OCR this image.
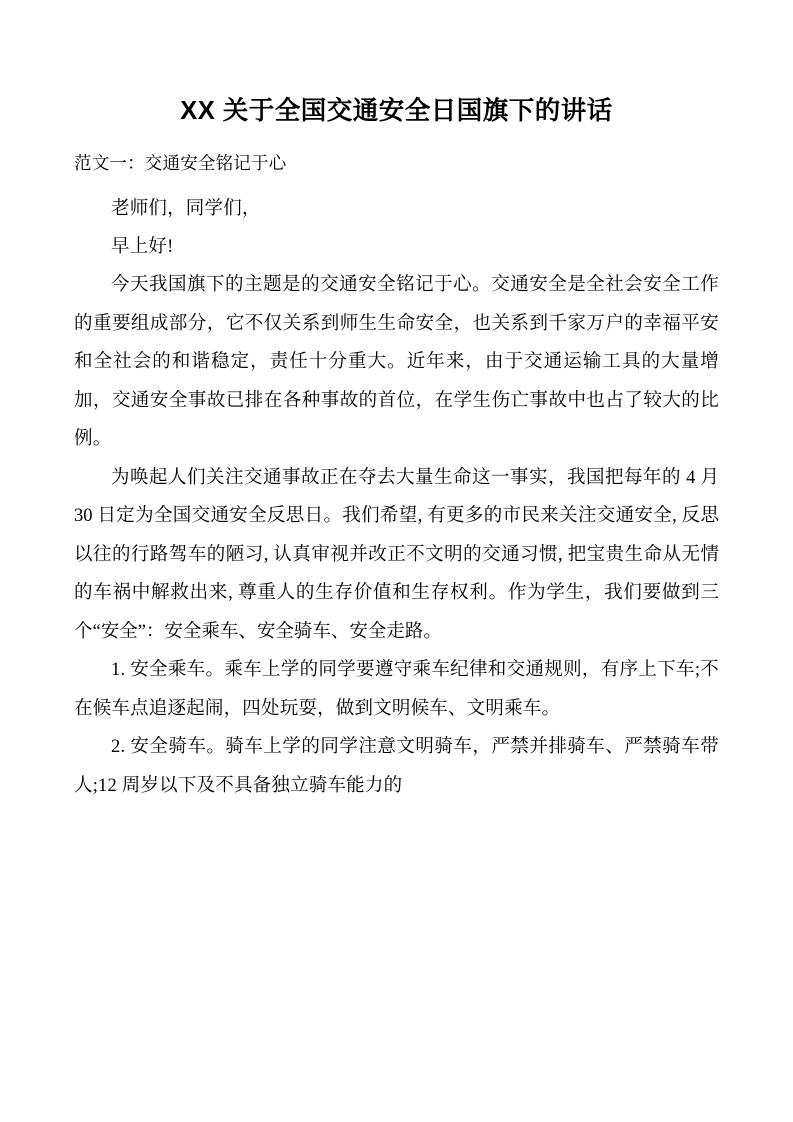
XX 关于全国交通安全日国旗下的讲话

范文一：交通安全铭记于心

老师们，同学们，

早上好!

今天我国旗下的主题是的交通安全铭记于心。交通安全是全社会安全工作的重要组成部分，它不仅关系到师生生命安全，也关系到千家万户的幸福平安和全社会的和谐稳定，责任十分重大。近年来，由于交通运输工具的大量增加，交通安全事故已排在各种事故的首位，在学生伤亡事故中也占了较大的比例。

为唤起人们关注交通事故正在夺去大量生命这一事实，我国把每年的 4 月 30 日定为全国交通安全反思日。我们希望, 有更多的市民来关注交通安全, 反思以往的行路驾车的陋习, 认真审视并改正不文明的交通习惯, 把宝贵生命从无情的车祸中解救出来, 尊重人的生存价值和生存权利。作为学生，我们要做到三个“安全”：安全乘车、安全骑车、安全走路。

1. 安全乘车。乘车上学的同学要遵守乘车纪律和交通规则，有序上下车;不在候车点追逐起闹，四处玩耍，做到文明候车、文明乘车。

2. 安全骑车。骑车上学的同学注意文明骑车，严禁并排骑车、严禁骑车带人;12 周岁以下及不具备独立骑车能力的
